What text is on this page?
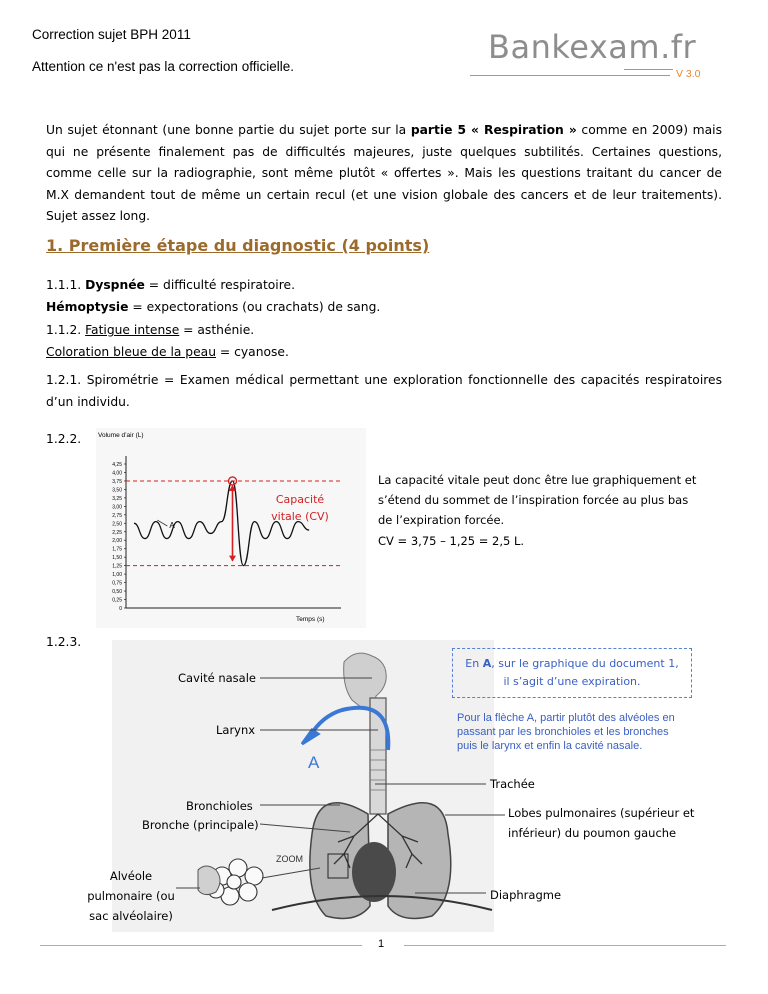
Correction sujet BPH 2011
Attention ce n'est pas la correction officielle.
Bankexam.fr
V 3.0
Un sujet étonnant (une bonne partie du sujet porte sur la partie 5 « Respiration » comme en 2009) mais
qui ne présente finalement pas de difficultés majeures, juste quelques subtilités. Certaines questions,
comme celle sur la radiographie, sont même plutôt « offertes ». Mais les questions traitant du cancer de
M.X demandent tout de même un certain recul (et une vision globale des cancers et de leur traitements).
Sujet assez long.
1. Première étape du diagnostic (4 points)
1.1.1. Dyspnée = difficulté respiratoire.
Hémoptysie = expectorations (ou crachats) de sang.
1.1.2. Fatigue intense = asthénie.
Coloration bleue de la peau = cyanose.
1.2.1. Spirométrie = Examen médical permettant une exploration fonctionnelle des capacités respiratoires
d’un individu.
1.2.2.	Volume d’air (L)
Temps (s)
4,25
4,00
3,75
3,50
3,25
3,00
2,75
2,50
2,25
2,00
1,75
1,50
1,25
1,00
0,75
0,50
0,25
0
A
Capacité
vitale (CV)
La capacité vitale peut donc être lue graphiquement et
s’étend du sommet de l’inspiration forcée au plus bas
de l’expiration forcée.
CV = 3,75 – 1,25 = 2,5 L.
1.2.3.
ZOOM
A
Cavité nasale
Larynx
Trachée
Bronchioles
Bronche (principale)
Lobes pulmonaires (supérieur et
inférieur) du poumon gauche
Alvéole
pulmonaire (ou
sac alvéolaire)
Diaphragme
En A, sur le graphique du document 1,
il s’agit d’une expiration.
Pour la flèche A, partir plutôt des alvéoles en
passant par les bronchioles et les bronches
puis le larynx et enfin la cavité nasale.
1
